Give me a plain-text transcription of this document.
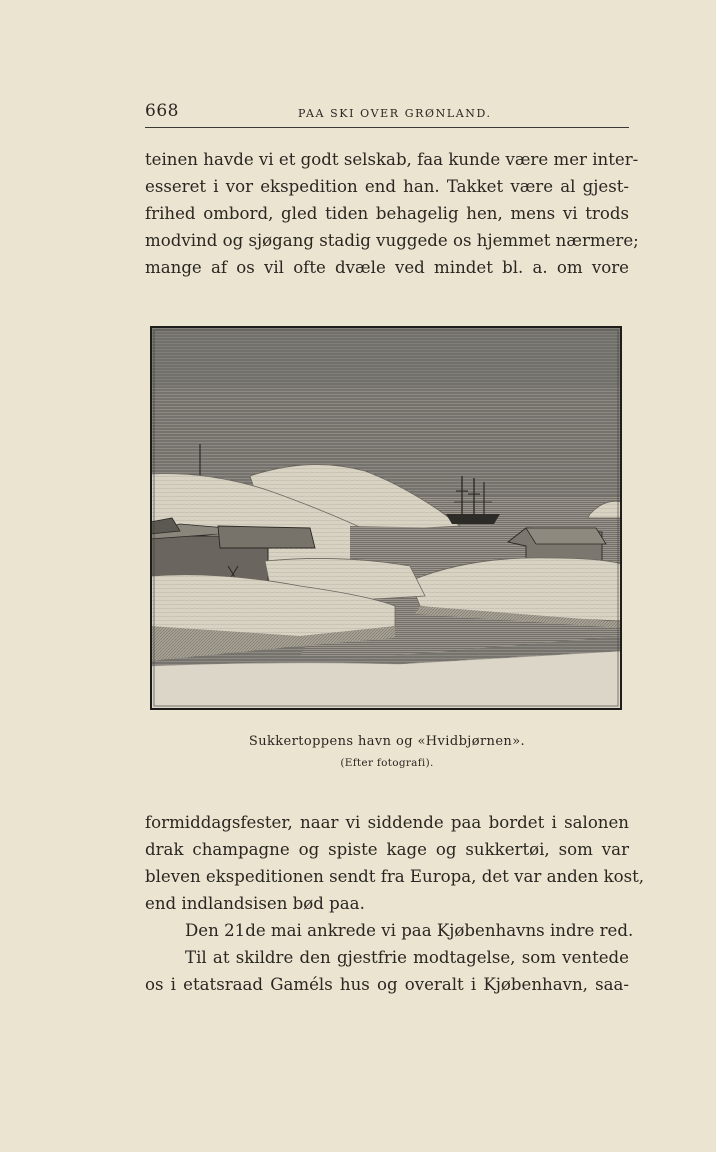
668	PAA SKI OVER GRØNLAND.
teinen havde vi et godt selskab, faa kunde være mer inter-
esseret i vor ekspedition end han. Takket være al gjest-
frihed ombord, gled tiden behagelig hen, mens vi trods
modvind og sjøgang stadig vuggede os hjemmet nærmere;
mange af os vil ofte dvæle ved mindet bl. a. om vore
Sukkertoppens havn og «Hvidbjørnen».
(Efter fotografi).
formiddagsfester, naar vi siddende paa bordet i salonen
drak champagne og spiste kage og sukkertøi, som var
bleven ekspeditionen sendt fra Europa, det var anden kost,
end indlandsisen bød paa.
Den 21de mai ankrede vi paa Kjøbenhavns indre red.
Til at skildre den gjestfrie modtagelse, som ventede
os i etatsraad Gaméls hus og overalt i Kjøbenhavn, saa-
